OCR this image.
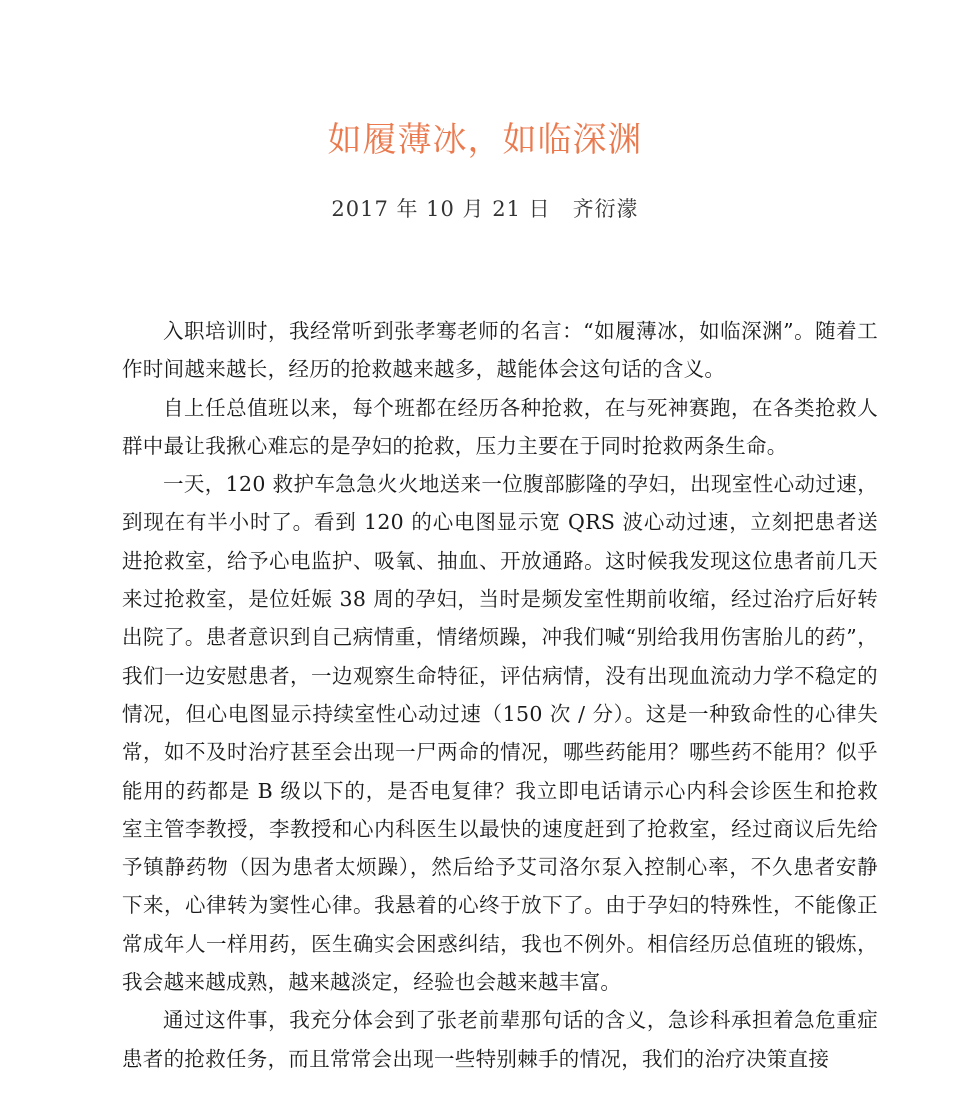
如履薄冰，如临深渊
2017 年 10 月 21 日　齐衍濛

入职培训时，我经常听到张孝骞老师的名言：“如履薄冰，如临深渊”。随着工作时间越来越长，经历的抢救越来越多，越能体会这句话的含义。

自上任总值班以来，每个班都在经历各种抢救，在与死神赛跑，在各类抢救人群中最让我揪心难忘的是孕妇的抢救，压力主要在于同时抢救两条生命。

一天，120 救护车急急火火地送来一位腹部膨隆的孕妇，出现室性心动过速，到现在有半小时了。看到 120 的心电图显示宽 QRS 波心动过速，立刻把患者送进抢救室，给予心电监护、吸氧、抽血、开放通路。这时候我发现这位患者前几天来过抢救室，是位妊娠 38 周的孕妇，当时是频发室性期前收缩，经过治疗后好转出院了。患者意识到自己病情重，情绪烦躁，冲我们喊“别给我用伤害胎儿的药”，我们一边安慰患者，一边观察生命特征，评估病情，没有出现血流动力学不稳定的情况，但心电图显示持续室性心动过速（150 次 / 分）。这是一种致命性的心律失常，如不及时治疗甚至会出现一尸两命的情况，哪些药能用？哪些药不能用？似乎能用的药都是 B 级以下的，是否电复律？我立即电话请示心内科会诊医生和抢救室主管李教授，李教授和心内科医生以最快的速度赶到了抢救室，经过商议后先给予镇静药物（因为患者太烦躁），然后给予艾司洛尔泵入控制心率，不久患者安静下来，心律转为窦性心律。我悬着的心终于放下了。由于孕妇的特殊性，不能像正常成年人一样用药，医生确实会困惑纠结，我也不例外。相信经历总值班的锻炼，我会越来越成熟，越来越淡定，经验也会越来越丰富。

通过这件事，我充分体会到了张老前辈那句话的含义，急诊科承担着急危重症患者的抢救任务，而且常常会出现一些特别棘手的情况，我们的治疗决策直接
